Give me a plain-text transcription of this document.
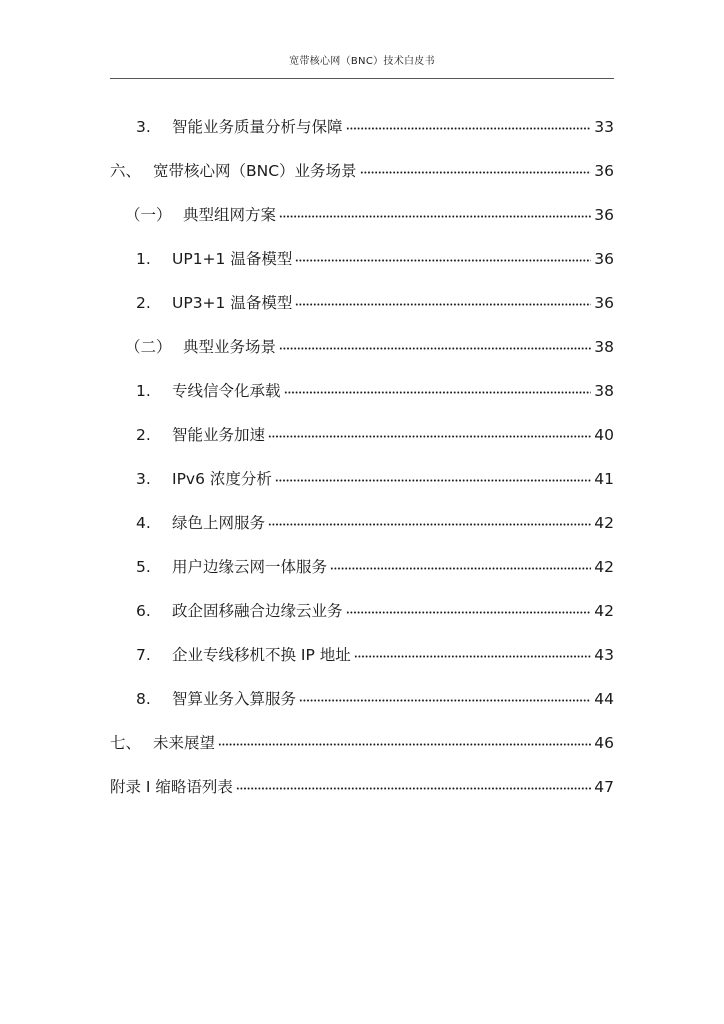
宽带核心网（BNC）技术白皮书
3.	智能业务质量分析与保障	33
六、 宽带核心网（BNC）业务场景	36
（一） 典型组网方案	36
1.	UP1+1 温备模型	36
2.	UP3+1 温备模型	36
（二） 典型业务场景	38
1.	专线信令化承载	38
2.	智能业务加速	40
3.	IPv6 浓度分析	41
4.	绿色上网服务	42
5.	用户边缘云网一体服务	42
6.	政企固移融合边缘云业务	42
7.	企业专线移机不换 IP 地址	43
8.	智算业务入算服务	44
七、 未来展望	46
附录 I 缩略语列表	47
